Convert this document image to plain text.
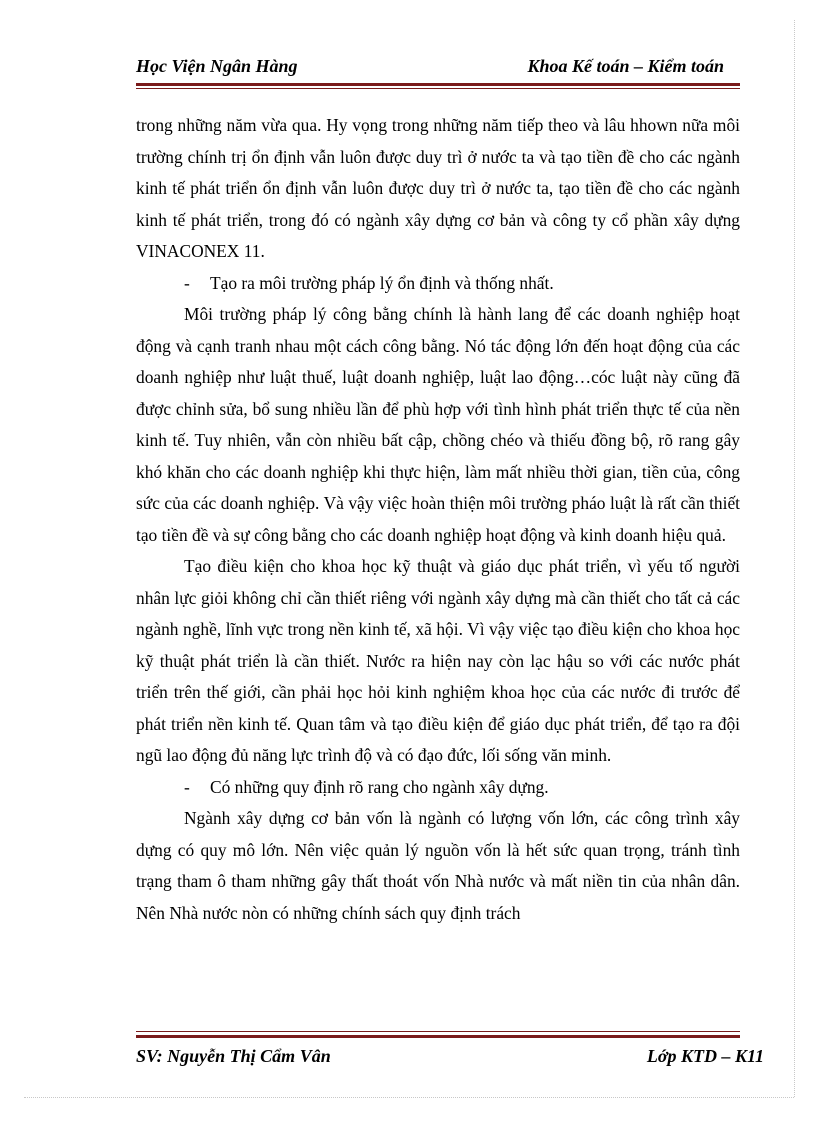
Học Viện Ngân Hàng	Khoa Kế toán – Kiểm toán

trong những năm vừa qua. Hy vọng trong những năm tiếp theo và lâu hhown nữa môi trường chính trị ổn định vẫn luôn được duy trì ở nước ta và tạo tiền đề cho các ngành kinh tế phát triển ổn định vẫn luôn được duy trì ở nước ta, tạo tiền đề cho các ngành kinh tế phát triển, trong đó có ngành xây dựng cơ bản và công ty cổ phần xây dựng VINACONEX 11.

- Tạo ra môi trường pháp lý ổn định và thống nhất.

Môi trường pháp lý công bằng chính là hành lang để các doanh nghiệp hoạt động và cạnh tranh nhau một cách công bằng. Nó tác động lớn đến hoạt động của các doanh nghiệp như luật thuế, luật doanh nghiệp, luật lao động…cóc luật này cũng đã được chỉnh sửa, bổ sung nhiều lần để phù hợp với tình hình phát triển thực tế của nền kinh tế. Tuy nhiên, vẫn còn nhiều bất cập, chồng chéo và thiếu đồng bộ, rõ rang gây khó khăn cho các doanh nghiệp khi thực hiện, làm mất nhiều thời gian, tiền của, công sức của các doanh nghiệp. Và vậy việc hoàn thiện môi trường pháo luật là rất cần thiết tạo tiền đề và sự công bằng cho các doanh nghiệp hoạt động và kinh doanh hiệu quả.

Tạo điều kiện cho khoa học kỹ thuật và giáo dục phát triển, vì yếu tố người nhân lực giỏi không chỉ cần thiết riêng với ngành xây dựng mà cần thiết cho tất cả các ngành nghề, lĩnh vực trong nền kinh tế, xã hội. Vì vậy việc tạo điều kiện cho khoa học kỹ thuật phát triển là cần thiết. Nước ra hiện nay còn lạc hậu so với các nước phát triển trên thế giới, cần phải học hỏi kinh nghiệm khoa học của các nước đi trước để phát triển nền kinh tế. Quan tâm và tạo điều kiện để giáo dục phát triển, để tạo ra đội ngũ lao động đủ năng lực trình độ và có đạo đức, lối sống văn minh.

- Có những quy định rõ rang cho ngành xây dựng.

Ngành xây dựng cơ bản vốn là ngành có lượng vốn lớn, các công trình xây dựng có quy mô lớn. Nên việc quản lý nguồn vốn là hết sức quan trọng, tránh tình trạng tham ô tham những gây thất thoát vốn Nhà nước và mất niền tin của nhân dân. Nên Nhà nước nòn có những chính sách quy định trách

SV: Nguyễn Thị Cẩm Vân	Lớp KTD – K11
